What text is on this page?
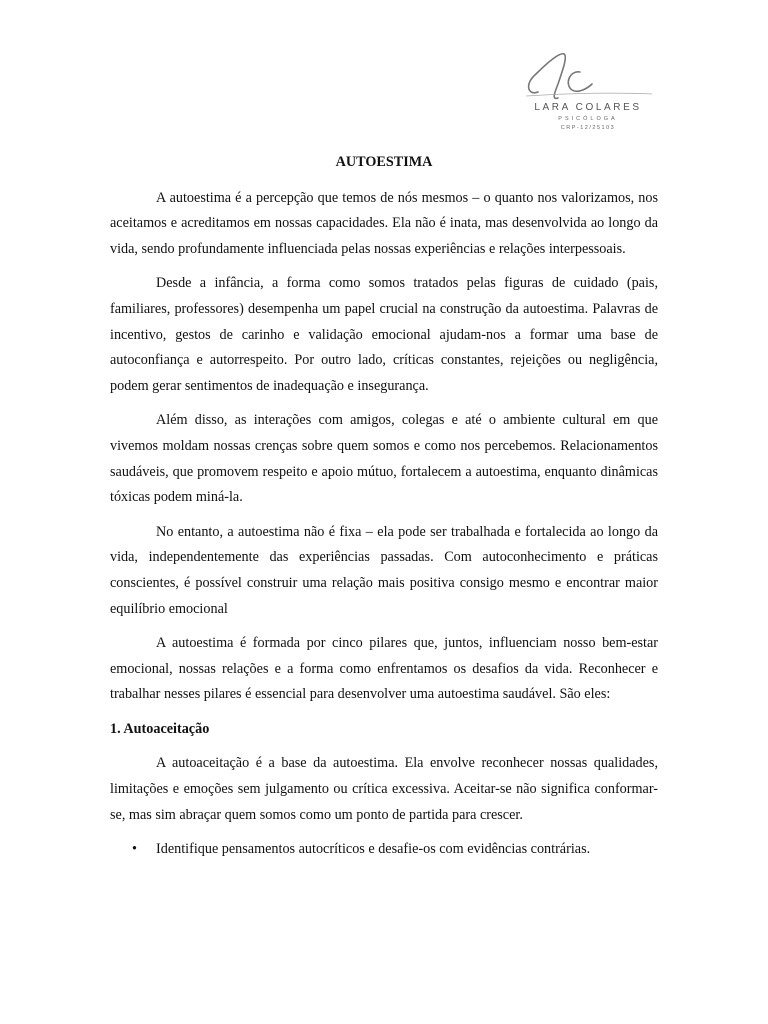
LARA COLARES
PSICÓLOGA
CRP-12/25103
AUTOESTIMA

A autoestima é a percepção que temos de nós mesmos – o quanto nos valorizamos, nos aceitamos e acreditamos em nossas capacidades. Ela não é inata, mas desenvolvida ao longo da vida, sendo profundamente influenciada pelas nossas experiências e relações interpessoais.

Desde a infância, a forma como somos tratados pelas figuras de cuidado (pais, familiares, professores) desempenha um papel crucial na construção da autoestima. Palavras de incentivo, gestos de carinho e validação emocional ajudam-nos a formar uma base de autoconfiança e autorrespeito. Por outro lado, críticas constantes, rejeições ou negligência, podem gerar sentimentos de inadequação e insegurança.

Além disso, as interações com amigos, colegas e até o ambiente cultural em que vivemos moldam nossas crenças sobre quem somos e como nos percebemos. Relacionamentos saudáveis, que promovem respeito e apoio mútuo, fortalecem a autoestima, enquanto dinâmicas tóxicas podem miná-la.

No entanto, a autoestima não é fixa – ela pode ser trabalhada e fortalecida ao longo da vida, independentemente das experiências passadas. Com autoconhecimento e práticas conscientes, é possível construir uma relação mais positiva consigo mesmo e encontrar maior equilíbrio emocional

A autoestima é formada por cinco pilares que, juntos, influenciam nosso bem-estar emocional, nossas relações e a forma como enfrentamos os desafios da vida. Reconhecer e trabalhar nesses pilares é essencial para desenvolver uma autoestima saudável. São eles:

1. Autoaceitação

A autoaceitação é a base da autoestima. Ela envolve reconhecer nossas qualidades, limitações e emoções sem julgamento ou crítica excessiva. Aceitar-se não significa conformar-se, mas sim abraçar quem somos como um ponto de partida para crescer.

• Identifique pensamentos autocríticos e desafie-os com evidências contrárias.
